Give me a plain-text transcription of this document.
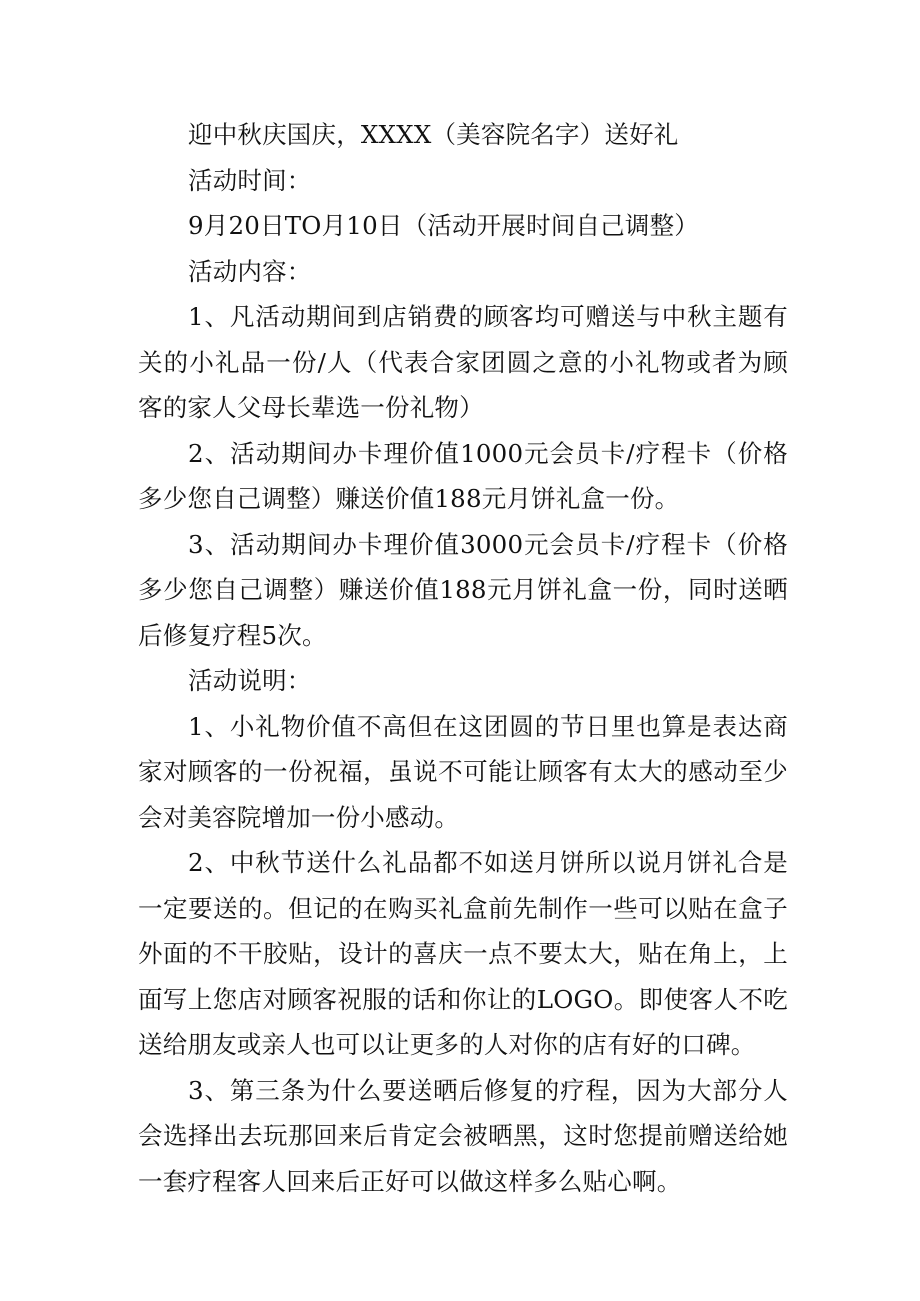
迎中秋庆国庆，XXXX（美容院名字）送好礼

活动时间：

9月20日TO月10日（活动开展时间自己调整）

活动内容：

1、凡活动期间到店销费的顾客均可赠送与中秋主题有关的小礼品一份/人（代表合家团圆之意的小礼物或者为顾客的家人父母长辈选一份礼物）

2、活动期间办卡理价值1000元会员卡/疗程卡（价格多少您自己调整）赚送价值188元月饼礼盒一份。

3、活动期间办卡理价值3000元会员卡/疗程卡（价格多少您自己调整）赚送价值188元月饼礼盒一份，同时送晒后修复疗程5次。

活动说明：

1、小礼物价值不高但在这团圆的节日里也算是表达商家对顾客的一份祝福，虽说不可能让顾客有太大的感动至少会对美容院增加一份小感动。

2、中秋节送什么礼品都不如送月饼所以说月饼礼合是一定要送的。但记的在购买礼盒前先制作一些可以贴在盒子外面的不干胶贴，设计的喜庆一点不要太大，贴在角上，上面写上您店对顾客祝服的话和你让的LOGO。即使客人不吃送给朋友或亲人也可以让更多的人对你的店有好的口碑。

3、第三条为什么要送晒后修复的疗程，因为大部分人会选择出去玩那回来后肯定会被晒黑，这时您提前赠送给她一套疗程客人回来后正好可以做这样多么贴心啊。
